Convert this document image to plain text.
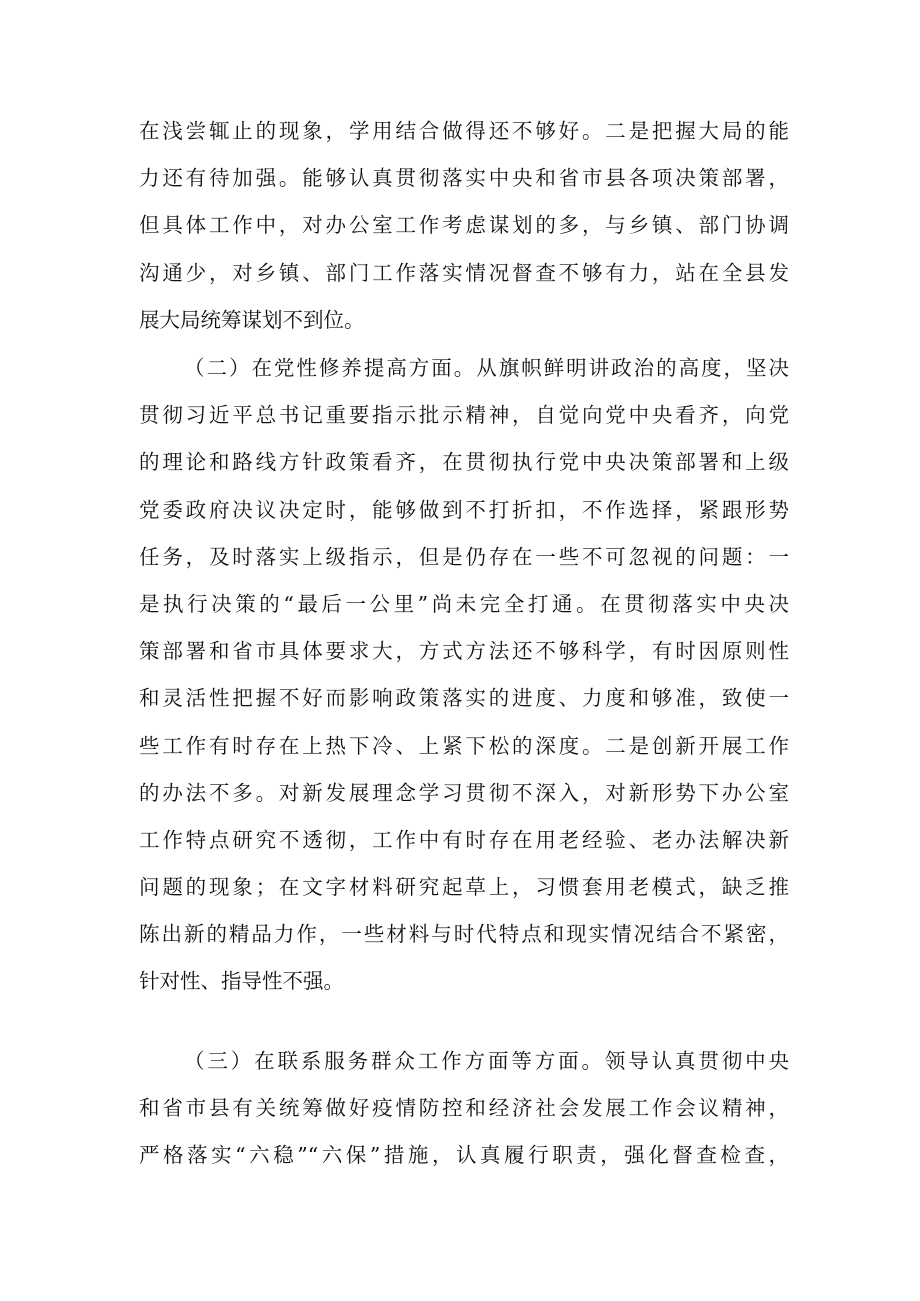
在浅尝辄止的现象，学用结合做得还不够好。二是把握大局的能
力还有待加强。能够认真贯彻落实中央和省市县各项决策部署，
但具体工作中，对办公室工作考虑谋划的多，与乡镇、部门协调
沟通少，对乡镇、部门工作落实情况督查不够有力，站在全县发
展大局统筹谋划不到位。
（二）在党性修养提高方面。从旗帜鲜明讲政治的高度，坚决
贯彻习近平总书记重要指示批示精神，自觉向党中央看齐，向党
的理论和路线方针政策看齐，在贯彻执行党中央决策部署和上级
党委政府决议决定时，能够做到不打折扣，不作选择，紧跟形势
任务，及时落实上级指示，但是仍存在一些不可忽视的问题：一
是执行决策的“最后一公里”尚未完全打通。在贯彻落实中央决
策部署和省市具体要求大，方式方法还不够科学，有时因原则性
和灵活性把握不好而影响政策落实的进度、力度和够准，致使一
些工作有时存在上热下冷、上紧下松的深度。二是创新开展工作
的办法不多。对新发展理念学习贯彻不深入，对新形势下办公室
工作特点研究不透彻，工作中有时存在用老经验、老办法解决新
问题的现象；在文字材料研究起草上，习惯套用老模式，缺乏推
陈出新的精品力作，一些材料与时代特点和现实情况结合不紧密，
针对性、指导性不强。
（三）在联系服务群众工作方面等方面。领导认真贯彻中央
和省市县有关统筹做好疫情防控和经济社会发展工作会议精神，
严格落实“六稳”“六保”措施，认真履行职责，强化督查检查，
